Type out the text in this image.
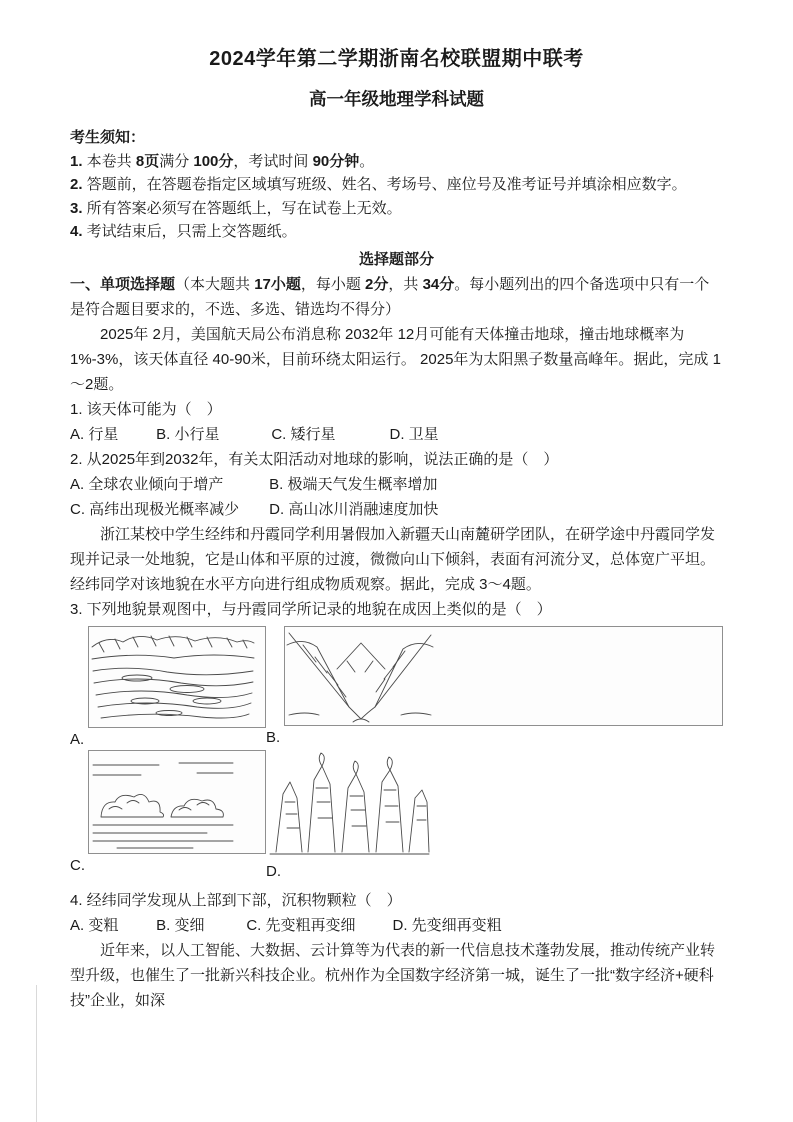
2024学年第二学期浙南名校联盟期中联考
高一年级地理学科试题
考生须知：
1. 本卷共 8页满分 100分，考试时间 90分钟。
2. 答题前，在答题卷指定区域填写班级、姓名、考场号、座位号及准考证号并填涂相应数字。
3. 所有答案必须写在答题纸上，写在试卷上无效。
4. 考试结束后，只需上交答题纸。
选择题部分
一、单项选择题（本大题共 17小题，每小题 2分，共 34分。每小题列出的四个备选项中只有一个是符合题目要求的，不选、多选、错选均不得分）

2025年 2月，美国航天局公布消息称 2032年 12月可能有天体撞击地球，撞击地球概率为 1%-3%，该天体直径 40-90米，目前环绕太阳运行。 2025年为太阳黑子数量高峰年。据此，完成 1～2题。

1. 该天体可能为（　）
A. 行星	B. 小行星	C. 矮行星	D. 卫星
2. 从2025年到2032年，有关太阳活动对地球的影响，说法正确的是（　）
A. 全球农业倾向于增产	B. 极端天气发生概率增加
C. 高纬出现极光概率减少 D. 高山冰川消融速度加快

浙江某校中学生经纬和丹霞同学利用暑假加入新疆天山南麓研学团队，在研学途中丹霞同学发现并记录一处地貌，它是山体和平原的过渡，微微向山下倾斜，表面有河流分叉，总体宽广平坦。经纬同学对该地貌在水平方向进行组成物质观察。据此，完成 3～4题。

3. 下列地貌景观图中，与丹霞同学所记录的地貌在成因上类似的是（　）
A.	B.
C.	D.
4. 经纬同学发现从上部到下部，沉积物颗粒（　）
A. 变粗	B. 变细	C. 先变粗再变细 D. 先变细再变粗

近年来，以人工智能、大数据、云计算等为代表的新一代信息技术蓬勃发展，推动传统产业转型升级，也催生了一批新兴科技企业。杭州作为全国数字经济第一城，诞生了一批“数字经济+硬科技”企业，如深
